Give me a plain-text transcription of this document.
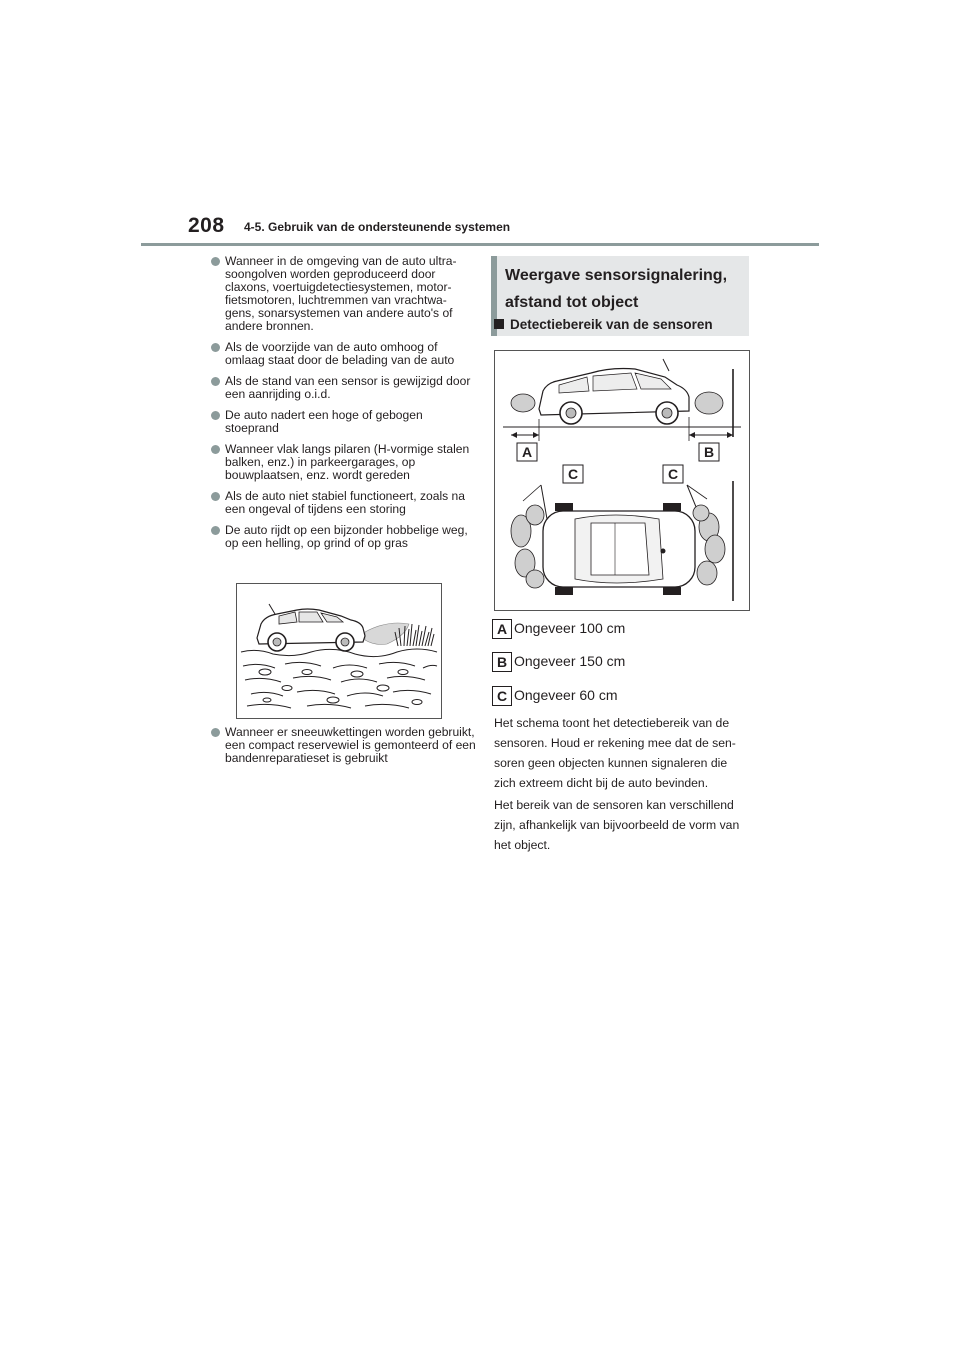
208 4-5. Gebruik van de ondersteunende systemen
Wanneer in de omgeving van de auto ultra-soongolven worden geproduceerd door claxons, voertuigdetectiesystemen, motor-fietsmotoren, luchtremmen van vrachtwa-gens, sonarsystemen van andere auto's of andere bronnen.
Als de voorzijde van de auto omhoog of omlaag staat door de belading van de auto
Als de stand van een sensor is gewijzigd door een aanrijding o.i.d.
De auto nadert een hoge of gebogen stoeprand
Wanneer vlak langs pilaren (H-vormige stalen balken, enz.) in parkeergarages, op bouwplaatsen, enz. wordt gereden
Als de auto niet stabiel functioneert, zoals na een ongeval of tijdens een storing
De auto rijdt op een bijzonder hobbelige weg, op een helling, op grind of op gras
Wanneer er sneeuwkettingen worden gebruikt, een compact reservewiel is gemonteerd of een bandenreparatieset is gebruikt
Weergave sensorsignalering,
afstand tot object
Detectiebereik van de sensoren
A	B
C	C
A Ongeveer 100 cm
B Ongeveer 150 cm
C Ongeveer 60 cm
Het schema toont het detectiebereik van de sensoren. Houd er rekening mee dat de sen-soren geen objecten kunnen signaleren die zich extreem dicht bij de auto bevinden.
Het bereik van de sensoren kan verschillend zijn, afhankelijk van bijvoorbeeld de vorm van het object.
